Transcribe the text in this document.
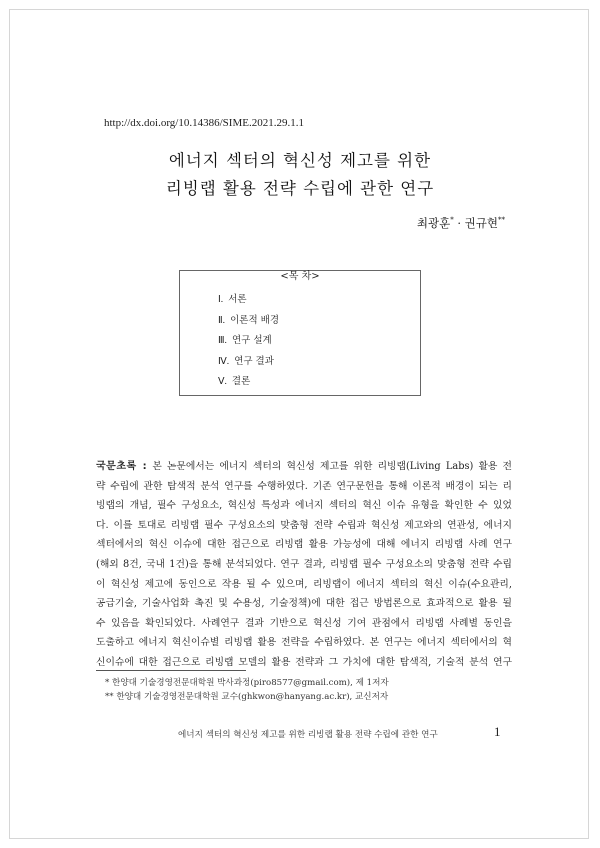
http://dx.doi.org/10.14386/SIME.2021.29.1.1
에너지 섹터의 혁신성 제고를 위한
리빙랩 활용 전략 수립에 관한 연구
최광훈* · 권규현**
<목 차>
Ⅰ. 서론
Ⅱ. 이론적 배경
Ⅲ. 연구 설계
Ⅳ. 연구 결과
Ⅴ. 결론
국문초록 : 본 논문에서는 에너지 섹터의 혁신성 제고를 위한 리빙랩(Living Labs) 활용 전
략 수립에 관한 탐색적 분석 연구를 수행하였다. 기존 연구문헌을 통해 이론적 배경이 되는 리
빙랩의 개념, 필수 구성요소, 혁신성 특성과 에너지 섹터의 혁신 이슈 유형을 확인한 수 있었
다. 이를 토대로 리빙랩 필수 구성요소의 맞춤형 전략 수립과 혁신성 제고와의 연관성, 에너지
섹터에서의 혁신 이슈에 대한 접근으로 리빙랩 활용 가능성에 대해 에너지 리빙랩 사례 연구
(해외 8건, 국내 1건)을 통해 분석되었다. 연구 결과, 리빙랩 필수 구성요소의 맞춤형 전략 수립
이 혁신성 제고에 동인으로 작용 될 수 있으며, 리빙랩이 에너지 섹터의 혁신 이슈(수요관리,
공급기술, 기술사업화 촉진 및 수용성, 기술정책)에 대한 접근 방법론으로 효과적으로 활용 될
수 있음을 확인되었다. 사례연구 결과 기반으로 혁신성 기여 관점에서 리빙랩 사례별 동인을
도출하고 에너지 혁신이슈별 리빙랩 활용 전략을 수립하였다. 본 연구는 에너지 섹터에서의 혁
신이슈에 대한 접근으로 리빙랩 모델의 활용 전략과 그 가치에 대한 탐색적, 기술적 분석 연구
* 한양대 기술경영전문대학원 박사과정(piro8577@gmail.com), 제 1저자
** 한양대 기술경영전문대학원 교수(ghkwon@hanyang.ac.kr), 교신저자
에너지 섹터의 혁신성 제고를 위한 리빙랩 활용 전략 수립에 관한 연구	1
